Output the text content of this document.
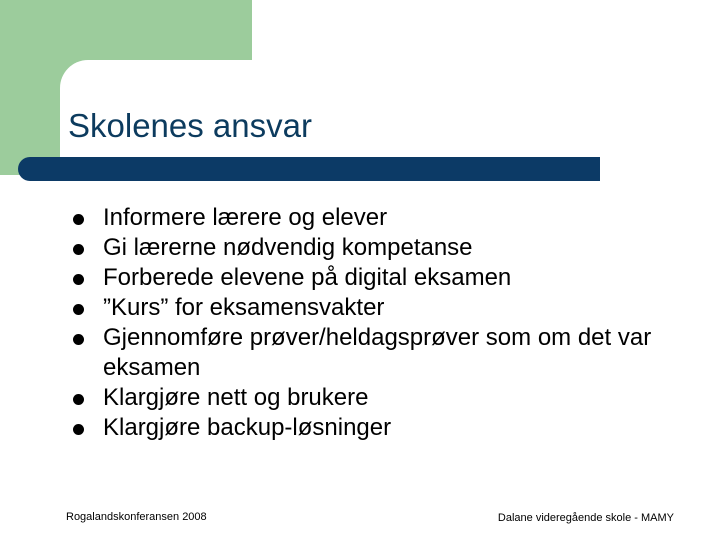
Skolenes ansvar
Informere lærere og elever
Gi lærerne nødvendig kompetanse
Forberede elevene på digital eksamen
”Kurs” for eksamensvakter
Gjennomføre prøver/heldagsprøver som om det var eksamen
Klargjøre nett og brukere
Klargjøre backup-løsninger
Rogalandskonferansen 2008	Dalane videregående skole - MAMY
